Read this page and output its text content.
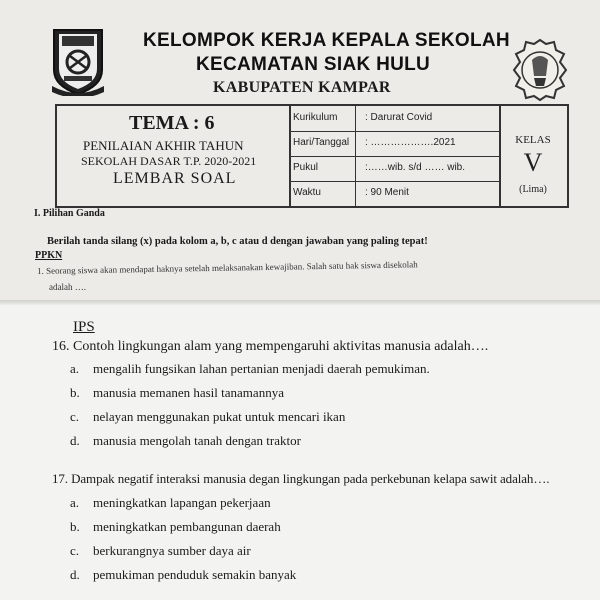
KELOMPOK KERJA KEPALA SEKOLAH
KECAMATAN SIAK HULU
KABUPATEN KAMPAR
TEMA : 6
PENILAIAN AKHIR TAHUN
SEKOLAH DASAR T.P. 2020-2021
LEMBAR SOAL
Kurikulum	: Darurat Covid
Hari/Tanggal : ……………….2021
Pukul	:……wib. s/d …… wib.
Waktu	: 90 Menit
KELAS
V
(Lima)
I. Pilihan Ganda
Berilah tanda silang (x) pada kolom a, b, c atau d dengan jawaban yang paling tepat!
PPKN
1. Seorang siswa akan mendapat haknya setelah melaksanakan kewajiban. Salah satu hak siswa disekolah
adalah ….
IPS
16. Contoh lingkungan alam yang mempengaruhi aktivitas manusia adalah….
a. mengalih fungsikan lahan pertanian menjadi daerah pemukiman.
b. manusia memanen hasil tanamannya
c. nelayan menggunakan pukat untuk mencari ikan
d. manusia mengolah tanah dengan traktor
17. Dampak negatif interaksi manusia degan lingkungan pada perkebunan kelapa sawit adalah….
a. meningkatkan lapangan pekerjaan
b. meningkatkan pembangunan daerah
c. berkurangnya sumber daya air
d. pemukiman penduduk semakin banyak
